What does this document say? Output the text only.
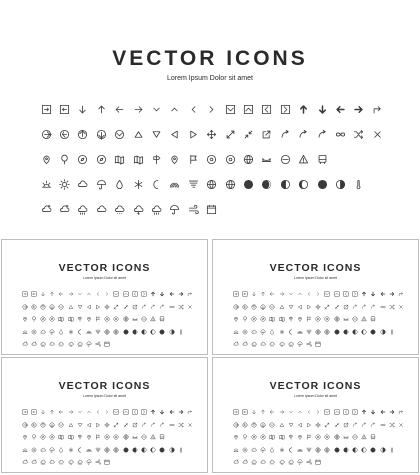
VECTOR ICONS

Lorem Ipsum Dolor sit amet

VECTOR ICONS

Lorem Ipsum Dolor sit amet

VECTOR ICONS

Lorem Ipsum Dolor sit amet

VECTOR ICONS

Lorem Ipsum Dolor sit amet

VECTOR ICONS

Lorem Ipsum Dolor sit amet
